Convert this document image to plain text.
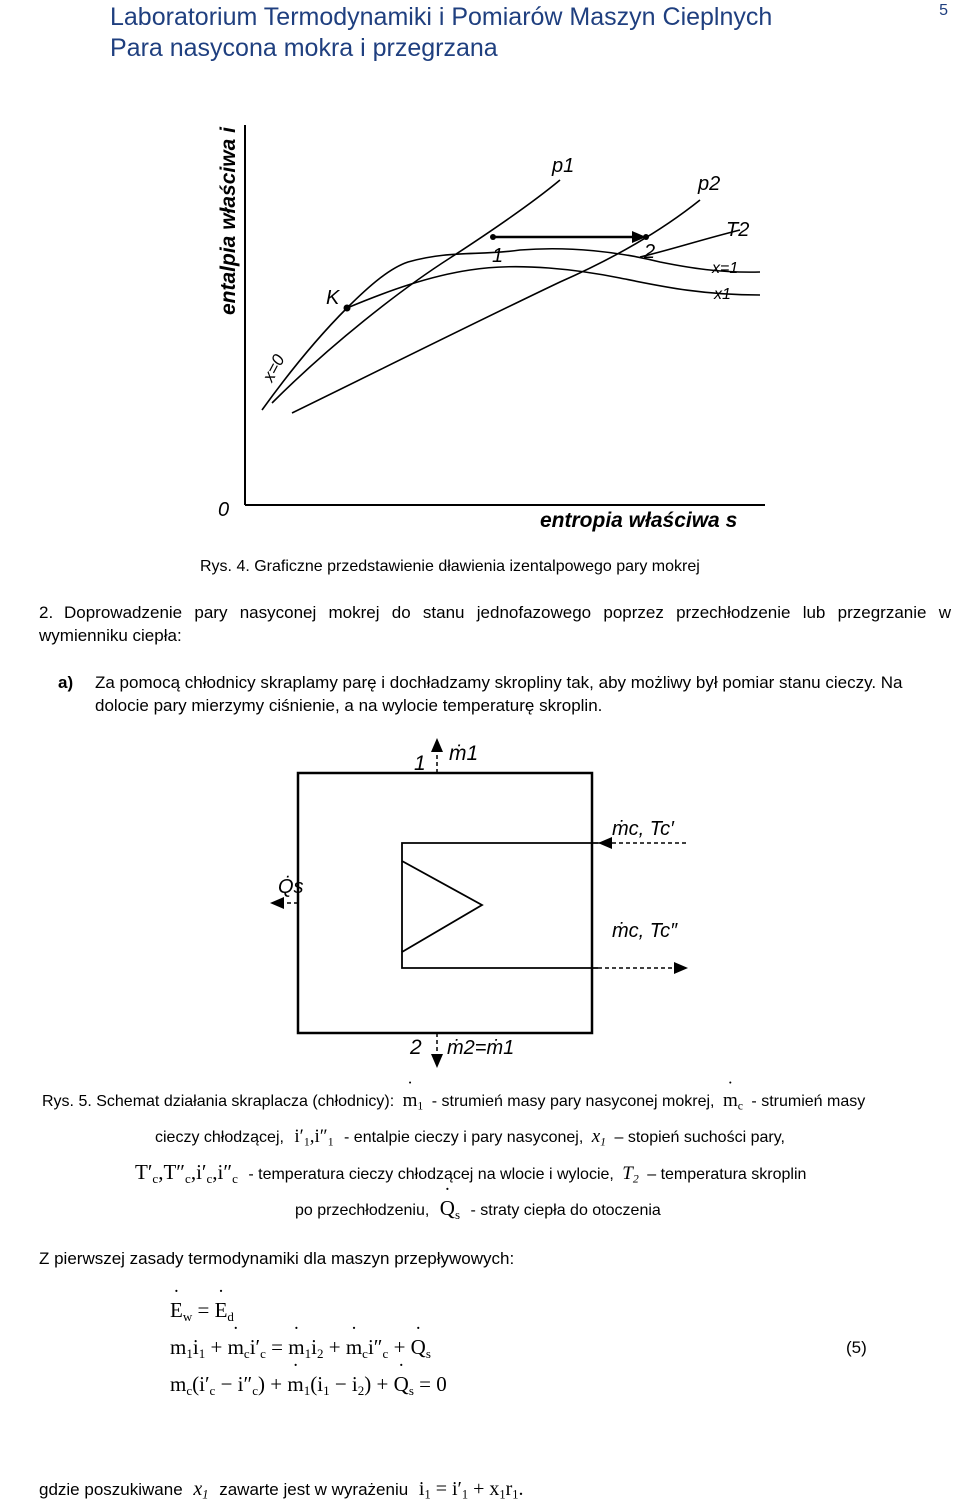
Laboratorium Termodynamiki i Pomiarów Maszyn Cieplnych
Para nasycona mokra i przegrzana
5
entalpia właściwa i
entropia właściwa s
0
p1
p2
T2
K
x=0
x=1
x1
1	2
Rys. 4. Graficzne przedstawienie dławienia izentalpowego pary mokrej
2. Doprowadzenie pary nasyconej mokrej do stanu jednofazowego poprzez przechłodzenie lub przegrzanie w wymienniku ciepła:
a) Za pomocą chłodnicy skraplamy parę i dochładzamy skropliny tak, aby możliwy był pomiar stanu cieczy. Na dolocie pary mierzymy ciśnienie, a na wylocie temperaturę skroplin.
1 ṁ1
2 ṁ2=ṁ1
ṁc, Tc′
ṁc, Tc″
Q̇s
Rys. 5. Schemat działania skraplacza (chłodnicy): ˙ $m_1$ - strumień masy pary nasyconej mokrej, ˙ $m_c$ - strumień masy
cieczy chłodzącej, $i'_1,i''_1$ - entalpie cieczy i pary nasyconej, $x_1$ – stopień suchości pary,
$T'_c,T''_c,i'_c,i''_c$ - temperatura cieczy chłodzącej na wlocie i wylocie, $T_2$ – temperatura skroplin
po przechłodzeniu, ˙ $Q_s$ - straty ciepła do otoczenia
Z pierwszej zasady termodynamiki dla maszyn przepływowych:
˙ $E_w$ = ˙ $E_d$
$m_1i_1$ + ˙ $m_ci'_c$ = ˙ $m_1i_2$ + ˙ $m_ci''_c$ + ˙ $Q_s$
$m_c(i'_c - i''_c)$ + ˙ $m_1(i_1 - i_2)$ + ˙ $Q_s = 0$
(5)
gdzie poszukiwane $x_1$ zawarte jest w wyrażeniu $i_1 = i'_1 + x_1r_1$.
